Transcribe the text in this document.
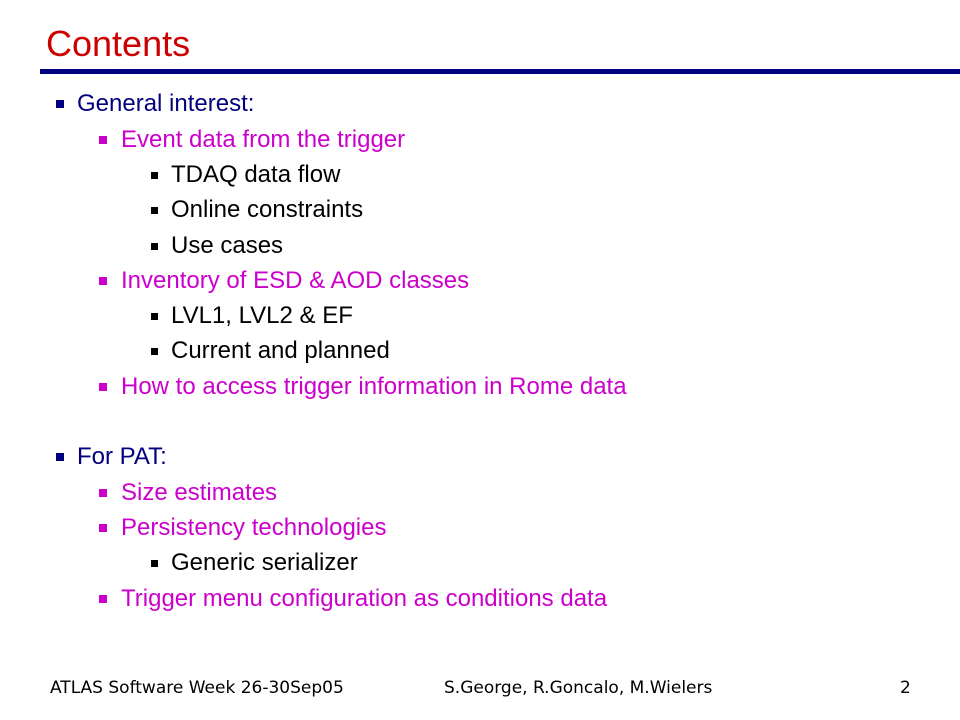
Contents
General interest:
Event data from the trigger
TDAQ data flow
Online constraints
Use cases
Inventory of ESD & AOD classes
LVL1, LVL2 & EF
Current and planned
How to access trigger information in Rome data
For PAT:
Size estimates
Persistency technologies
Generic serializer
Trigger menu configuration as conditions data
ATLAS Software Week 26-30Sep05	S.George, R.Goncalo, M.Wielers	2
